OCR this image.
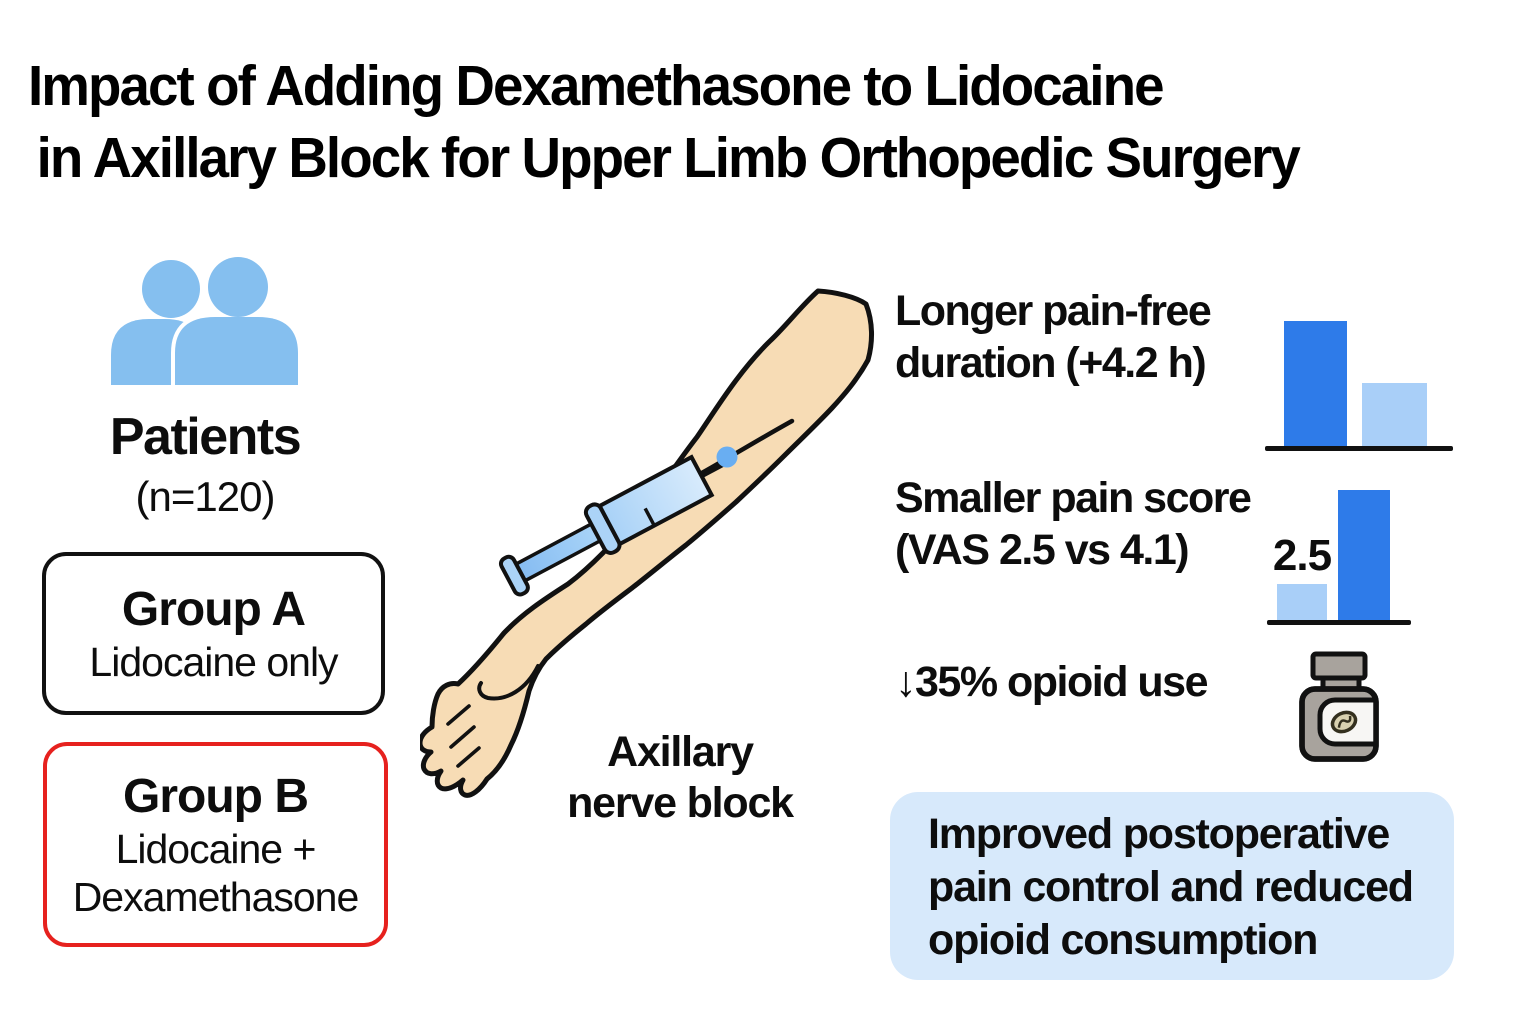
Impact of Adding Dexamethasone to Lidocaine
in Axillary Block for Upper Limb Orthopedic Surgery
Patients
(n=120)
Group A
Lidocaine only
Group B
Lidocaine +
Dexamethasone
Axillary
nerve block
Longer pain-free
duration (+4.2 h)
Smaller pain score
(VAS 2.5 vs 4.1)	2.5
↓35% opioid use
Improved postoperative
pain control and reduced
opioid consumption
